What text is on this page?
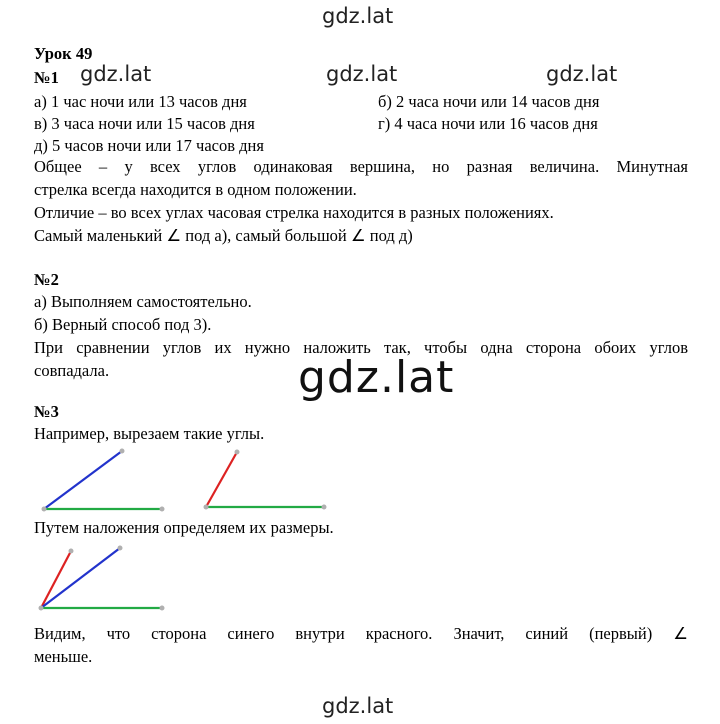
gdz.lat
gdz.lat	gdz.lat	gdz.lat
Урок 49
№1
а) 1 час ночи или 13 часов дня	б) 2 часа ночи или 14 часов дня
в) 3 часа ночи или 15 часов дня	г) 4 часа ночи или 16 часов дня
д) 5 часов ночи или 17 часов дня
Общее – у всех углов одинаковая вершина, но разная величина. Минутная
стрелка всегда находится в одном положении.
Отличие – во всех углах часовая стрелка находится в разных положениях.
Самый маленький ∠ под а), самый большой ∠ под д)
№2
а) Выполняем самостоятельно.
б) Верный способ под 3).
При сравнении углов их нужно наложить так, чтобы одна сторона обоих углов
совпадала.	gdz.lat
№3
Например, вырезаем такие углы.
Путем наложения определяем их размеры.
Видим, что сторона синего внутри красного. Значит, синий (первый) ∠
меньше.
gdz.lat
